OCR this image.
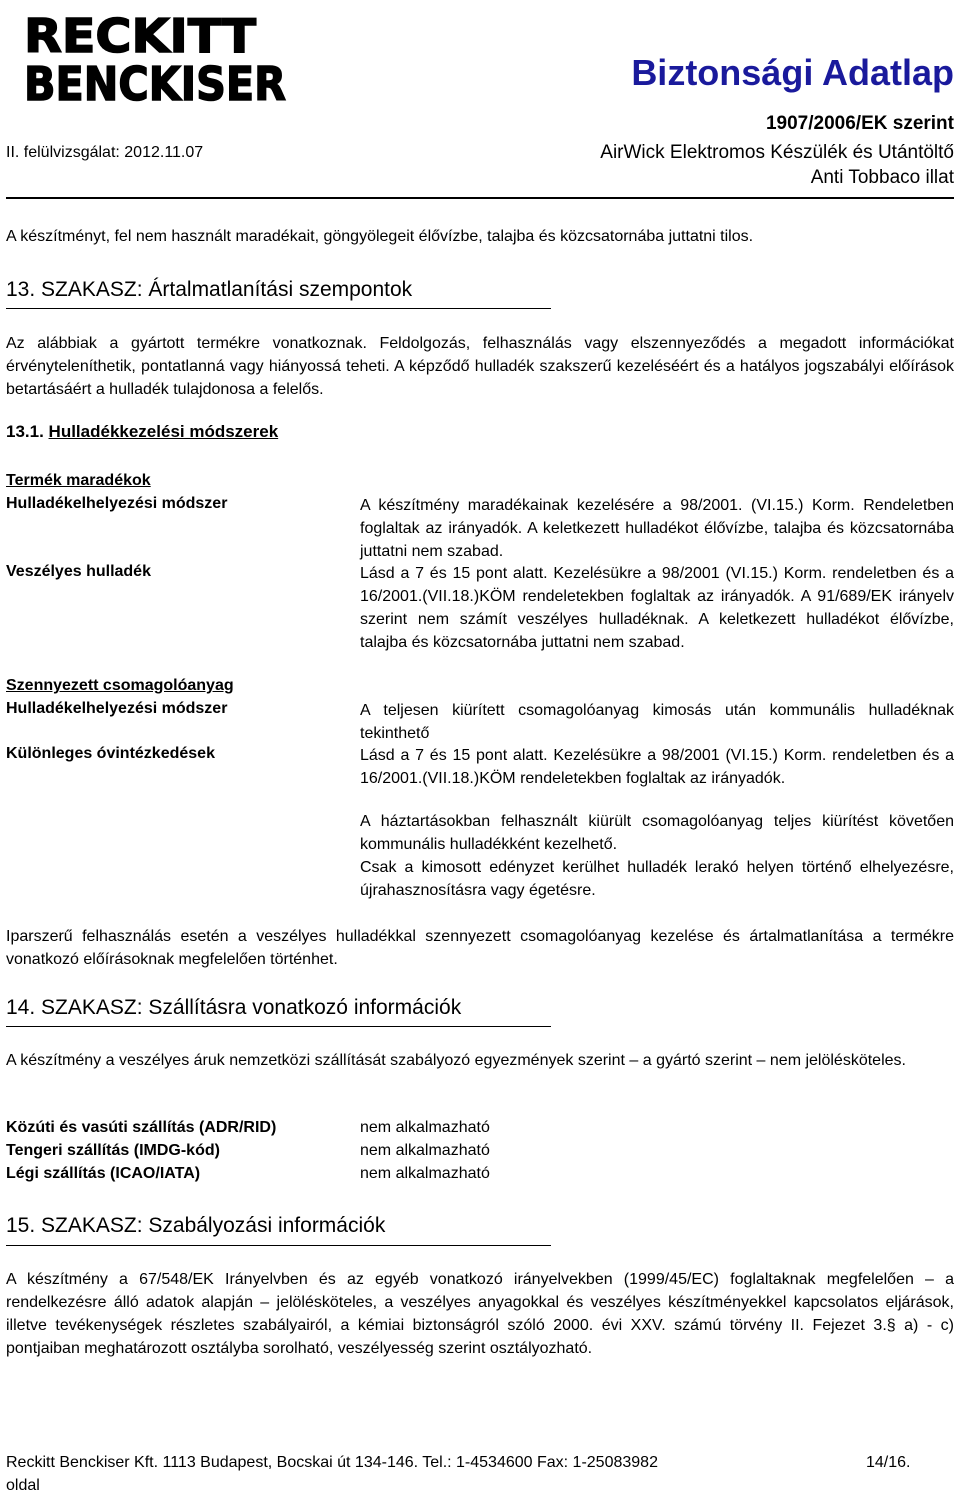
RECKITT
BENCKISER	Biztonsági Adatlap
1907/2006/EK szerint
II. felülvizsgálat: 2012.11.07	AirWick Elektromos Készülék és Utántöltő
Anti Tobbaco illat
A készítményt, fel nem használt maradékait, göngyölegeit élővízbe, talajba és közcsatornába juttatni tilos.
13. SZAKASZ: Ártalmatlanítási szempontok
Az alábbiak a gyártott termékre vonatkoznak. Feldolgozás, felhasználás vagy elszennyeződés a megadott információkat érvényteleníthetik, pontatlanná vagy hiányossá teheti. A képződő hulladék szakszerű kezeléséért és a hatályos jogszabályi előírások betartásáért a hulladék tulajdonosa a felelős.
13.1. Hulladékkezelési módszerek
Termék maradékok
Hulladékelhelyezési módszer	A készítmény maradékainak kezelésére a 98/2001. (VI.15.) Korm. Rendeletben foglaltak az irányadók. A keletkezett hulladékot élővízbe, talajba és közcsatornába juttatni nem szabad.
Veszélyes hulladék	Lásd a 7 és 15 pont alatt. Kezelésükre a 98/2001 (VI.15.) Korm. rendeletben és a 16/2001.(VII.18.)KÖM rendeletekben foglaltak az irányadók. A 91/689/EK irányelv szerint nem számít veszélyes hulladéknak. A keletkezett hulladékot élővízbe, talajba és közcsatornába juttatni nem szabad.
Szennyezett csomagolóanyag
Hulladékelhelyezési módszer	A teljesen kiürített csomagolóanyag kimosás után kommunális hulladéknak tekinthető
Különleges óvintézkedések	Lásd a 7 és 15 pont alatt. Kezelésükre a 98/2001 (VI.15.) Korm. rendeletben és a 16/2001.(VII.18.)KÖM rendeletekben foglaltak az irányadók.
A háztartásokban felhasznált kiürült csomagolóanyag teljes kiürítést követően kommunális hulladékként kezelhető.
Csak a kimosott edényzet kerülhet hulladék lerakó helyen történő elhelyezésre, újrahasznosításra vagy égetésre.
Iparszerű felhasználás esetén a veszélyes hulladékkal szennyezett csomagolóanyag kezelése és ártalmatlanítása a termékre vonatkozó előírásoknak megfelelően történhet.
14. SZAKASZ: Szállításra vonatkozó információk
A készítmény a veszélyes áruk nemzetközi szállítását szabályozó egyezmények szerint – a gyártó szerint – nem jelölésköteles.
Közúti és vasúti szállítás (ADR/RID)	nem alkalmazható
Tengeri szállítás (IMDG-kód)	nem alkalmazható
Légi szállítás (ICAO/IATA)	nem alkalmazható
15. SZAKASZ: Szabályozási információk
A készítmény a 67/548/EK Irányelvben és az egyéb vonatkozó irányelvekben (1999/45/EC) foglaltaknak megfelelően – a rendelkezésre álló adatok alapján – jelölésköteles, a veszélyes anyagokkal és veszélyes készítményekkel kapcsolatos eljárások, illetve tevékenységek részletes szabályairól, a kémiai biztonságról szóló 2000. évi XXV. számú törvény II. Fejezet 3.§ a) - c) pontjaiban meghatározott osztályba sorolható, veszélyesség szerint osztályozható.
Reckitt Benckiser Kft. 1113 Budapest, Bocskai út 134-146. Tel.: 1-4534600 Fax: 1-25083982	14/16.

oldal
